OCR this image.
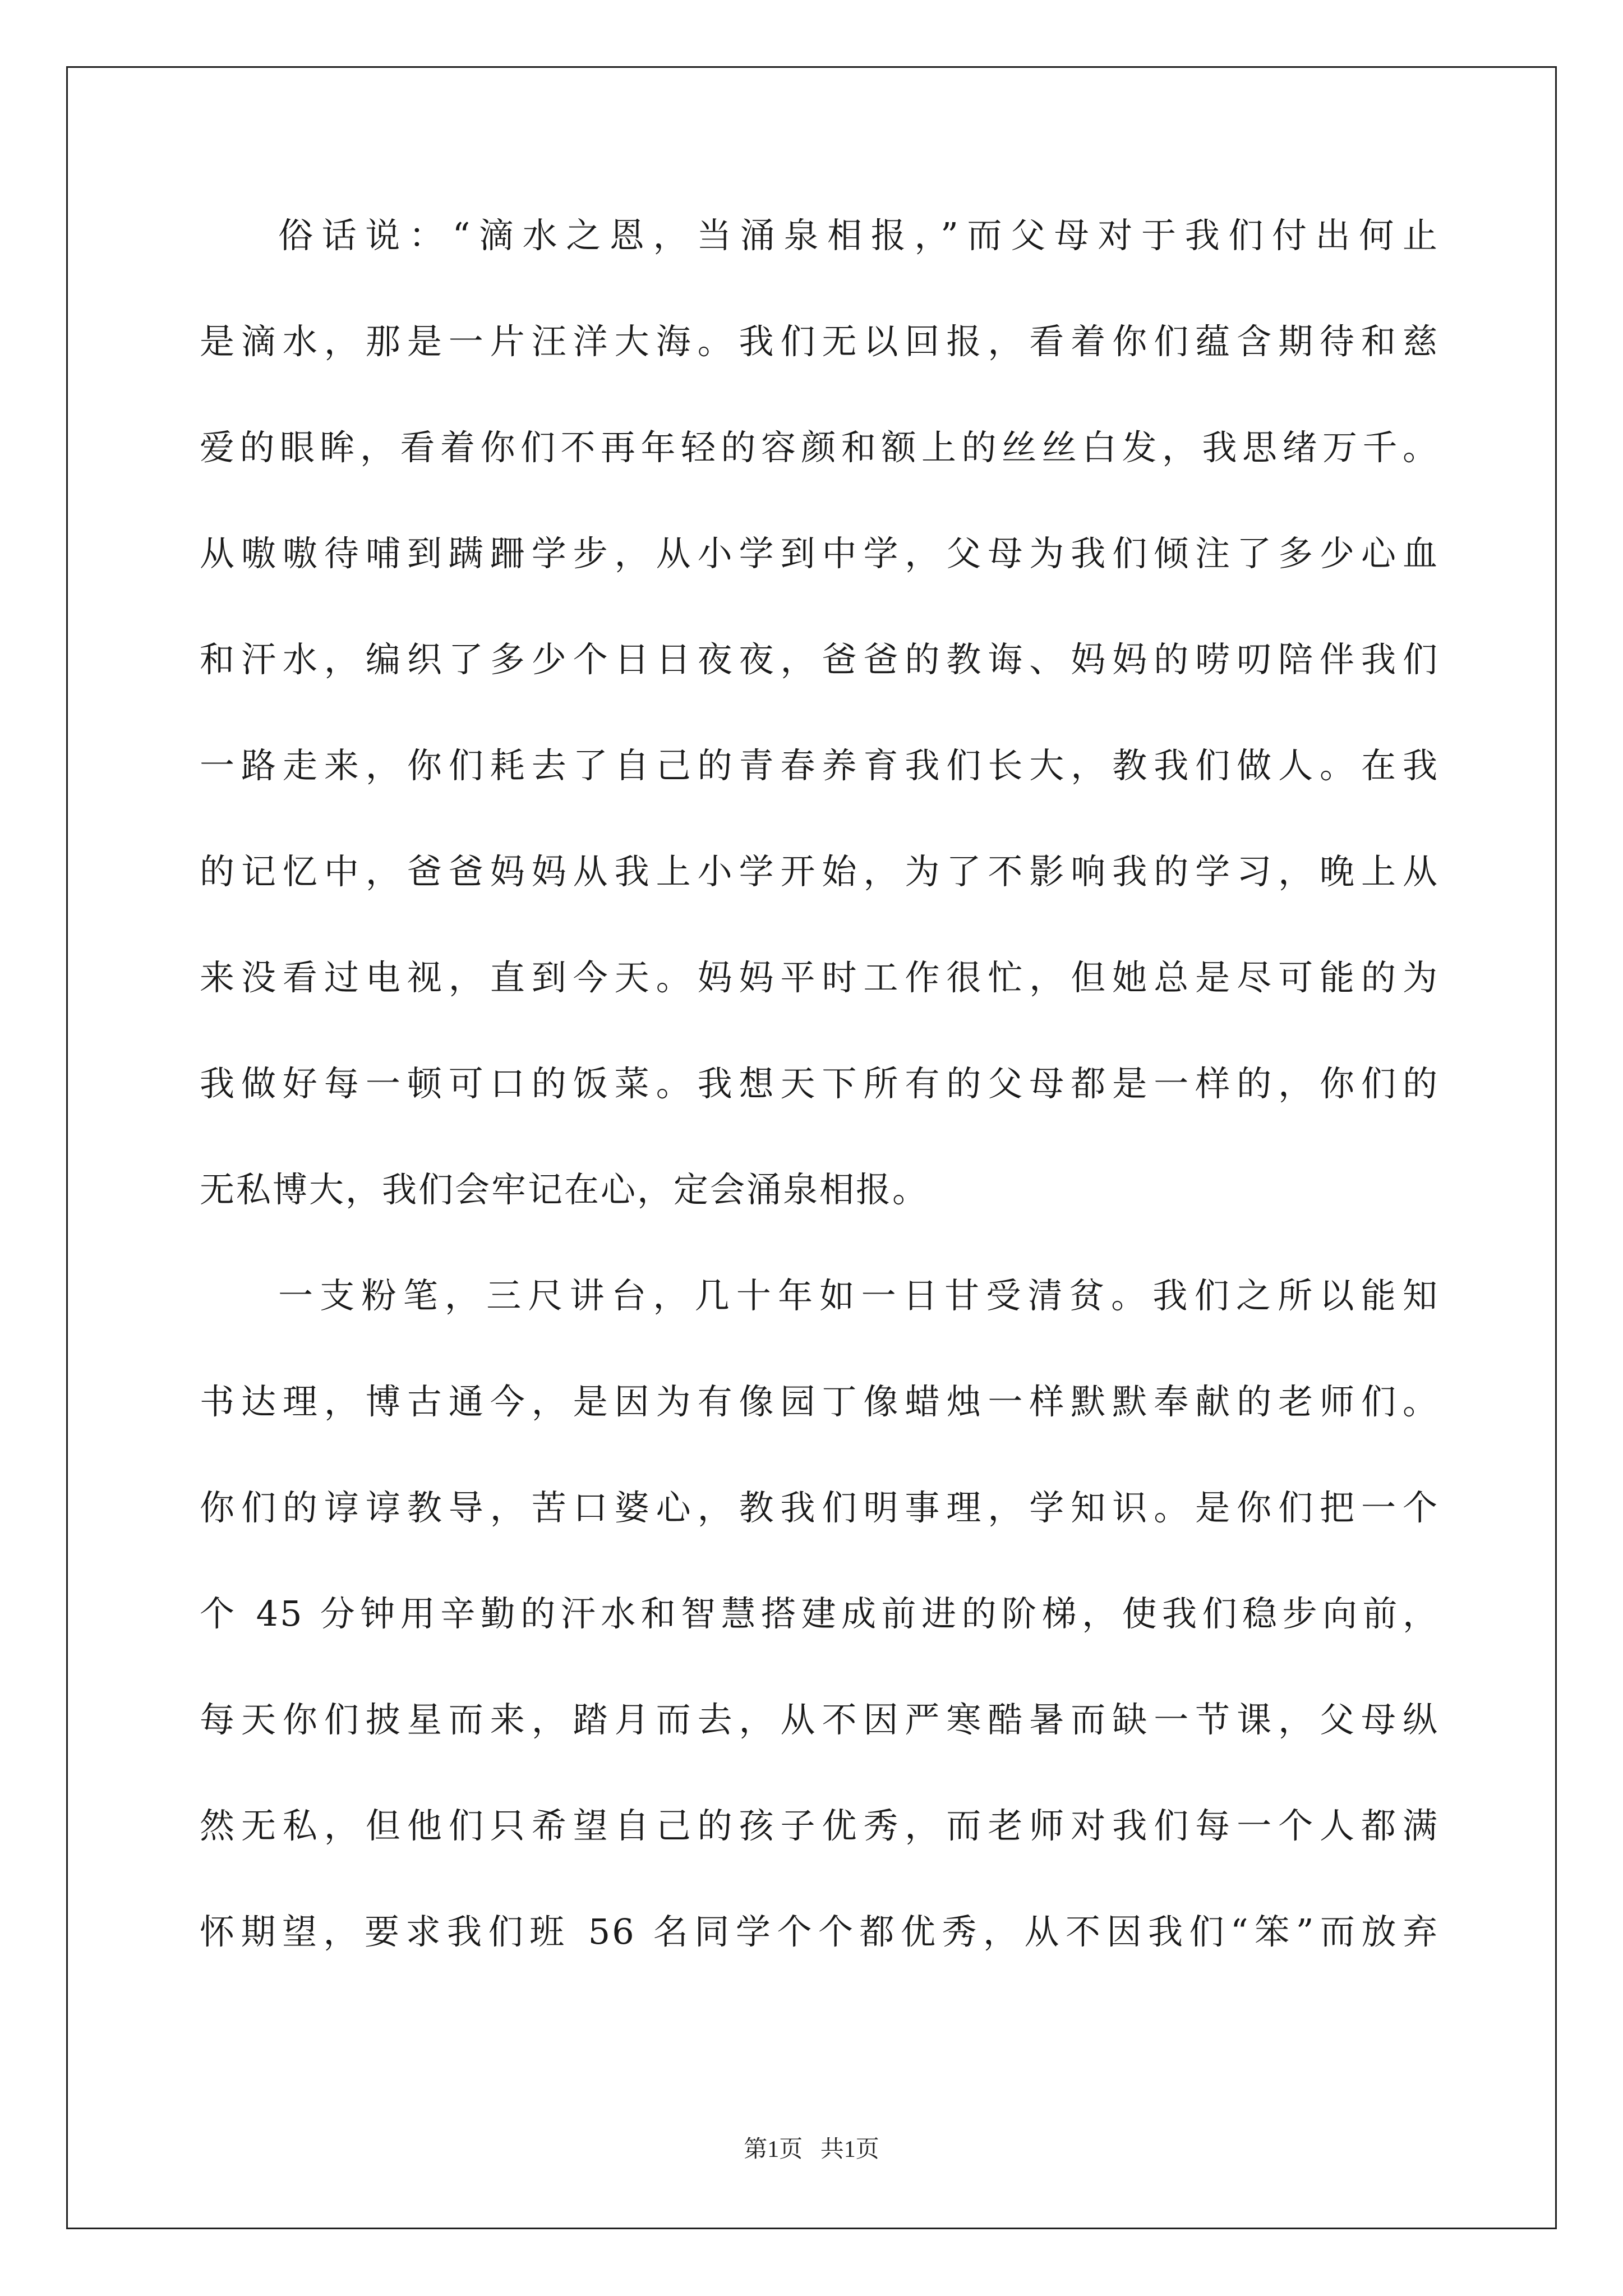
俗话说：“滴水之恩，当涌泉相报，”而父母对于我们付出何止
是滴水，那是一片汪洋大海。我们无以回报，看着你们蕴含期待和慈
爱的眼眸，看着你们不再年轻的容颜和额上的丝丝白发，我思绪万千。
从嗷嗷待哺到蹒跚学步，从小学到中学，父母为我们倾注了多少心血
和汗水，编织了多少个日日夜夜，爸爸的教诲、妈妈的唠叨陪伴我们
一路走来，你们耗去了自己的青春养育我们长大，教我们做人。在我
的记忆中，爸爸妈妈从我上小学开始，为了不影响我的学习，晚上从
来没看过电视，直到今天。妈妈平时工作很忙，但她总是尽可能的为
我做好每一顿可口的饭菜。我想天下所有的父母都是一样的，你们的
无私博大，我们会牢记在心，定会涌泉相报。
一支粉笔，三尺讲台，几十年如一日甘受清贫。我们之所以能知
书达理，博古通今，是因为有像园丁像蜡烛一样默默奉献的老师们。
你们的谆谆教导，苦口婆心，教我们明事理，学知识。是你们把一个
个 45 分钟用辛勤的汗水和智慧搭建成前进的阶梯，使我们稳步向前，
每天你们披星而来，踏月而去，从不因严寒酷暑而缺一节课，父母纵
然无私，但他们只希望自己的孩子优秀，而老师对我们每一个人都满
怀期望，要求我们班 56 名同学个个都优秀，从不因我们“笨”而放弃
第1页   共1页
